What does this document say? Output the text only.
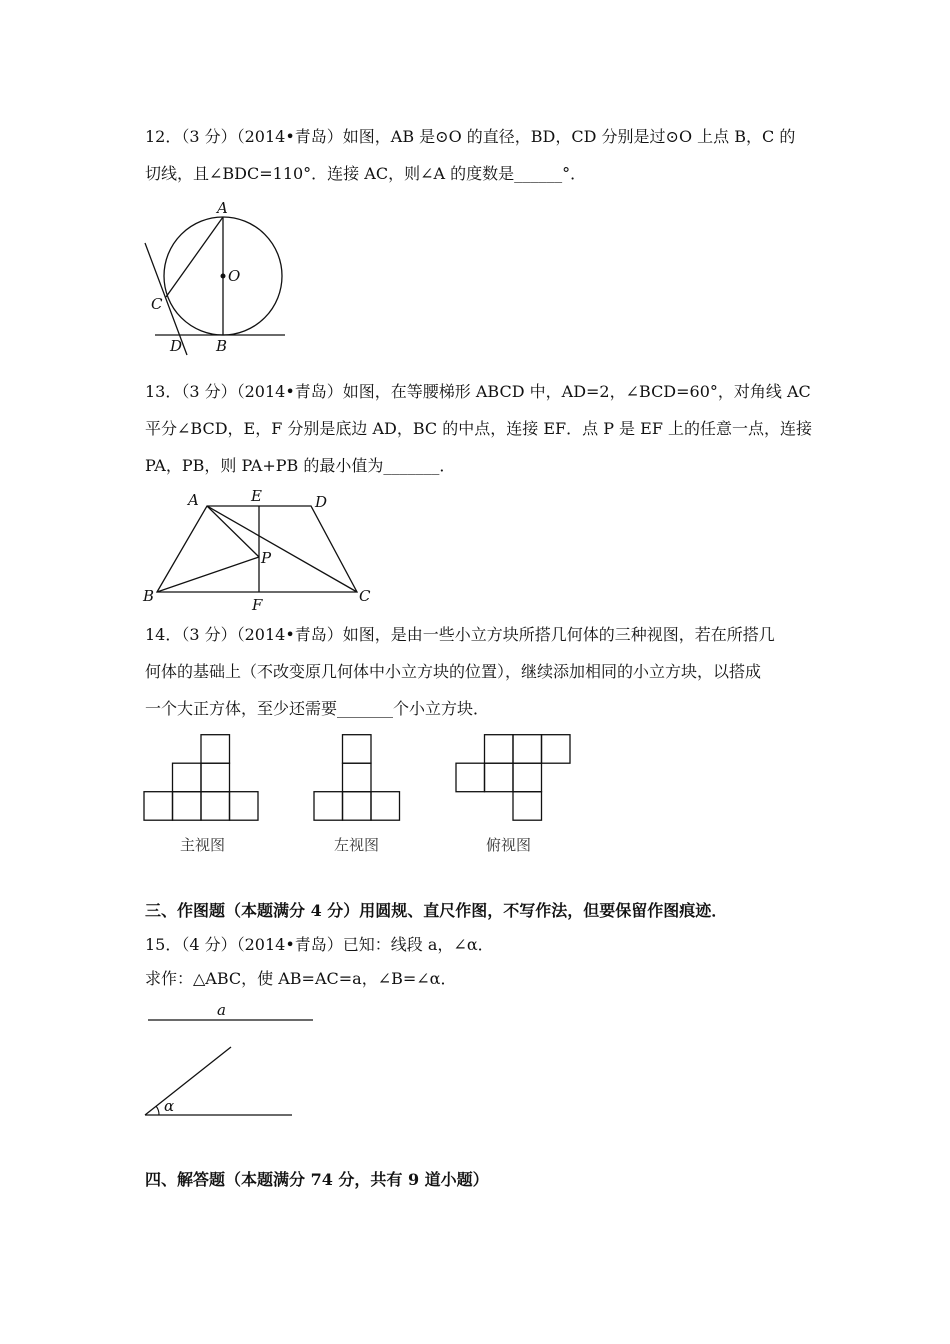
12．（3 分）（2014•青岛）如图，AB 是⊙O 的直径，BD，CD 分别是过⊙O 上点 B，C 的
切线，且∠BDC=110°．连接 AC，则∠A 的度数是______°．
A
O
C
D B
13．（3 分）（2014•青岛）如图，在等腰梯形 ABCD 中，AD=2，∠BCD=60°，对角线 AC
平分∠BCD，E，F 分别是底边 AD，BC 的中点，连接 EF．点 P 是 EF 上的任意一点，连接
PA，PB，则 PA+PB 的最小值为_______．
A	E	D
P
B	F	C
14．（3 分）（2014•青岛）如图，是由一些小立方块所搭几何体的三种视图，若在所搭几
何体的基础上（不改变原几何体中小立方块的位置），继续添加相同的小立方块，以搭成
一个大正方体，至少还需要_______个小立方块．
主视图	左视图	俯视图
三、作图题（本题满分 4 分）用圆规、直尺作图，不写作法，但要保留作图痕迹．
15．（4 分）（2014•青岛）已知：线段 a，∠α．
求作：△ABC，使 AB=AC=a，∠B=∠α．
a
α
四、解答题（本题满分 74 分，共有 9 道小题）
